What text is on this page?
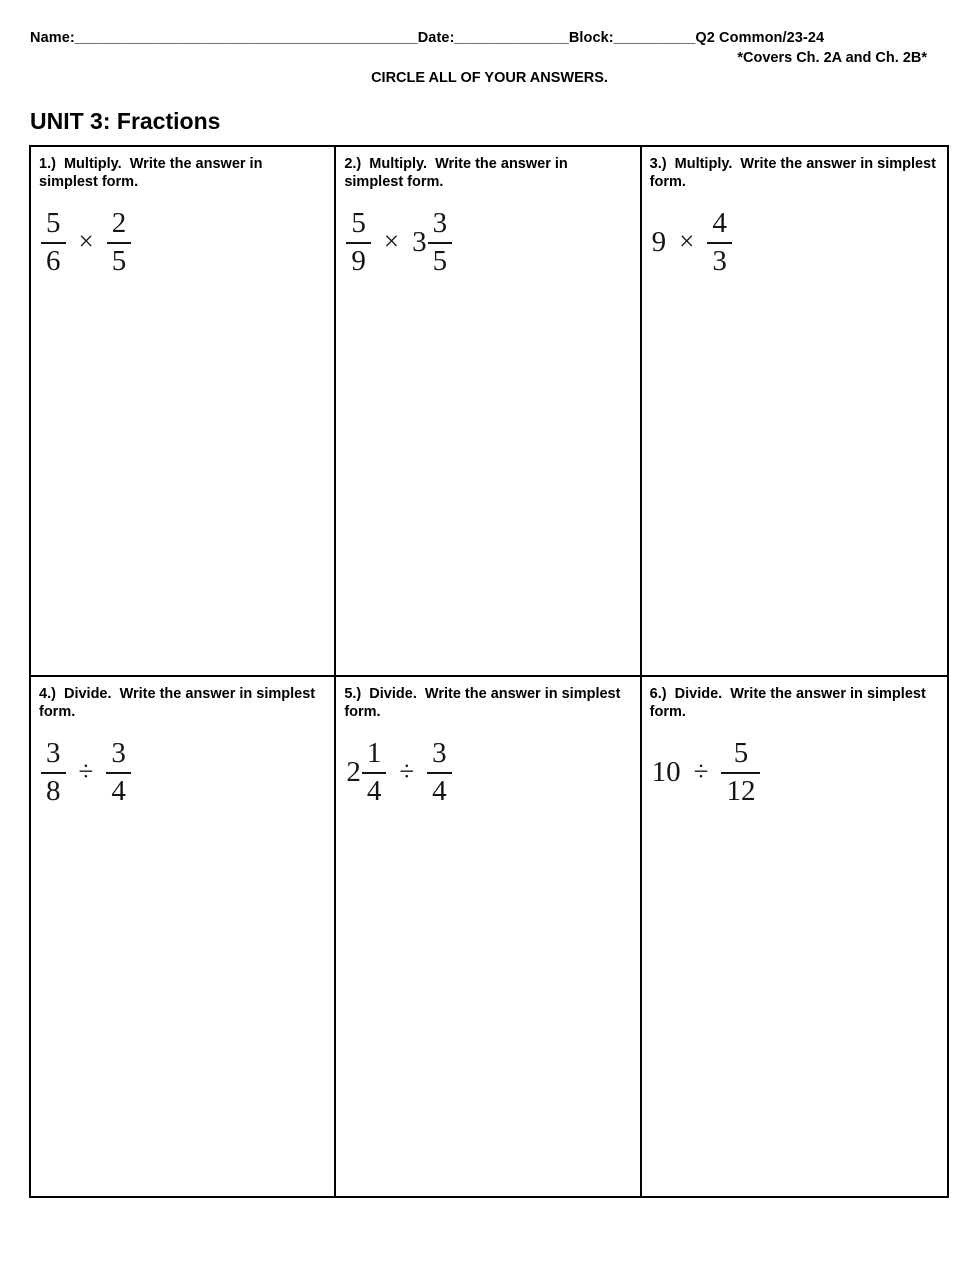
Name:__________________________________________Date:______________Block:__________Q2 Common/23-24
*Covers Ch. 2A and Ch. 2B*
CIRCLE ALL OF YOUR ANSWERS.
UNIT 3: Fractions
1.)  Multiply.  Write the answer in simplest form.
$\frac{5}{6} \times \frac{2}{5}$
2.)  Multiply.  Write the answer in simplest form.
$\frac{5}{9} \times 3 \frac{3}{5}$
3.)  Multiply.  Write the answer in simplest form.
$9 \times \frac{4}{3}$
4.)  Divide.  Write the answer in simplest form.
$\frac{3}{8} \div \frac{3}{4}$
5.)  Divide.  Write the answer in simplest form.
$2 \frac{1}{4} \div \frac{3}{4}$
6.)  Divide.  Write the answer in simplest form.
$10 \div \frac{5}{12}$
